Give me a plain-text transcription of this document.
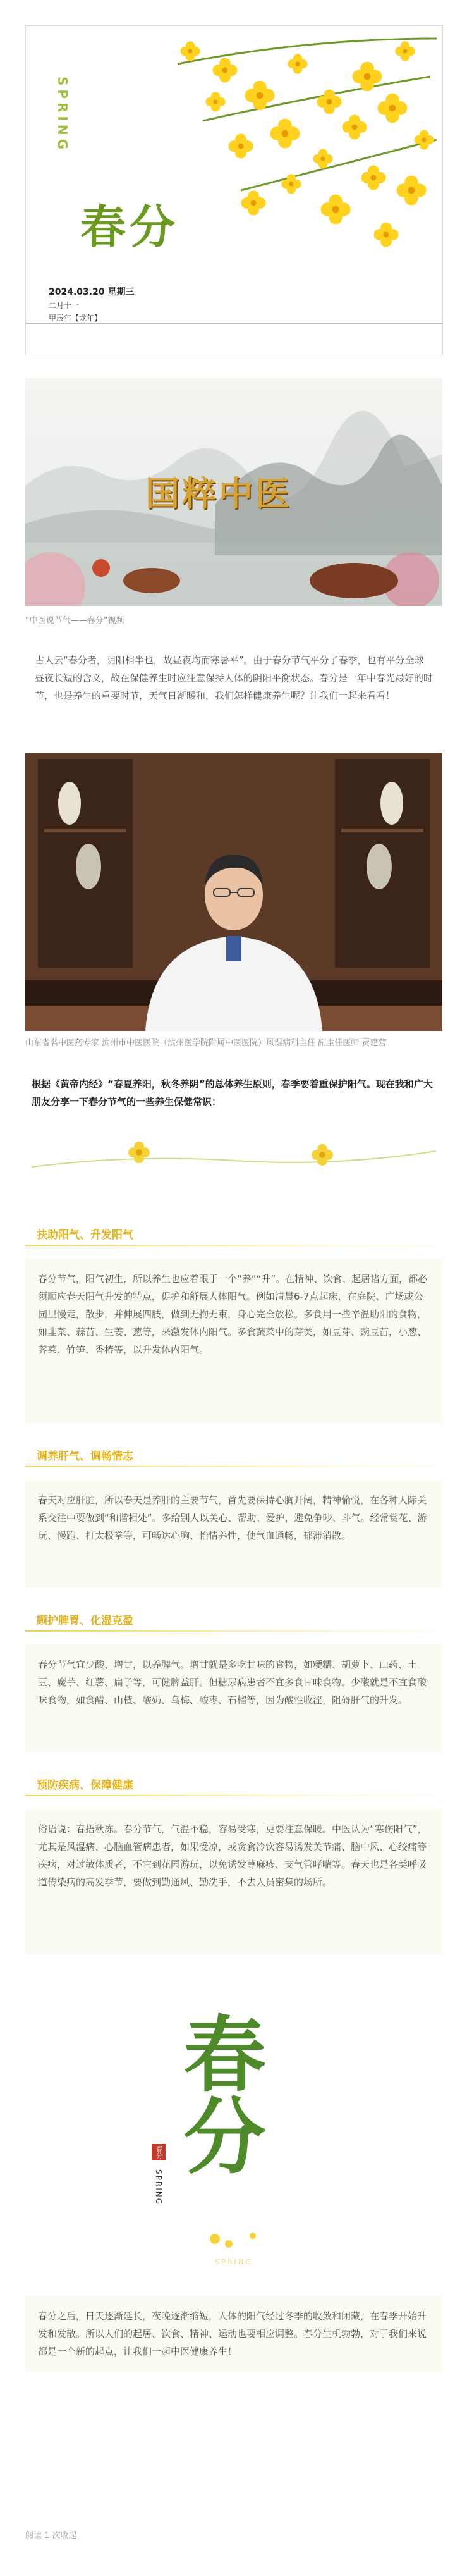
SPRING
春分
2024.03.20 星期三
二月十一
甲辰年【龙年】
国粹中医
“中医说节气——春分”视频
古人云“春分者，阴阳相半也，故昼夜均而寒暑平”。由于春分节气平分了春季，也有平分全球昼夜长短的含义，故在保健养生时应注意保持人体的阴阳平衡状态。春分是一年中春光最好的时节，也是养生的重要时节，天气日渐暖和，我们怎样健康养生呢？让我们一起来看看！
山东省名中医药专家 滨州市中医医院（滨州医学院附属中医医院）风湿病科主任 副主任医师 贾建营
根据《黄帝内经》“春夏养阳，秋冬养阴”的总体养生原则，春季要着重保护阳气。现在我和广大朋友分享一下春分节气的一些养生保健常识：
扶助阳气、升发阳气

春分节气，阳气初生，所以养生也应着眼于一个“养”“升”。在精神、饮食、起居诸方面，都必须顺应春天阳气升发的特点，促护和舒展人体阳气。例如清晨6-7点起床，在庭院、广场或公园里慢走，散步，并伸展四肢，做到无拘无束，身心完全放松。多食用一些辛温助阳的食物，如韭菜、蒜苗、生姜、葱等，来激发体内阳气。多食蔬菜中的芽类，如豆芽、豌豆苗，小葱、荠菜、竹笋、香椿等，以升发体内阳气。

调养肝气、调畅情志

春天对应肝脏，所以春天是养肝的主要节气，首先要保持心胸开阔，精神愉悦，在各种人际关系交往中要做到“和谐相处”。多给别人以关心、帮助、爱护，避免争吵、斗气。经常赏花、游玩、慢跑、打太极拳等，可畅达心胸、怡情养性，使气血通畅，郁滞消散。

顾护脾胃、化湿克盈

春分节气宜少酸、增甘，以养脾气。增甘就是多吃甘味的食物，如粳糯、胡萝卜、山药、土豆、魔芋、红薯、扁子等，可健脾益肝。但糖尿病患者不宜多食甘味食物。少酸就是不宜食酸味食物，如食醋、山楂、酸奶、乌梅、酸枣、石榴等，因为酸性收涩，阻碍肝气的升发。

预防疾病、保障健康

俗语说：春捂秋冻。春分节气，气温不稳，容易受寒，更要注意保暖。中医认为“寒伤阳气”，尤其是风湿病、心脑血管病患者，如果受凉，或贪食冷饮容易诱发关节痛、脑中风、心绞痛等疾病，对过敏体质者，不宜到花园游玩，以免诱发荨麻疹、支气管哮喘等。春天也是各类呼吸道传染病的高发季节，要做到勤通风、勤洗手，不去人员密集的场所。

春分
春分
SPRING
SPRING

春分之后，日天逐渐延长，夜晚逐渐缩短，人体的阳气经过冬季的收敛和闭藏，在春季开始升发和发散。所以人们的起居、饮食、精神、运动也要相应调整。春分生机勃勃，对于我们来说都是一个新的起点，让我们一起中医健康养生！

阅读 1 次收起
